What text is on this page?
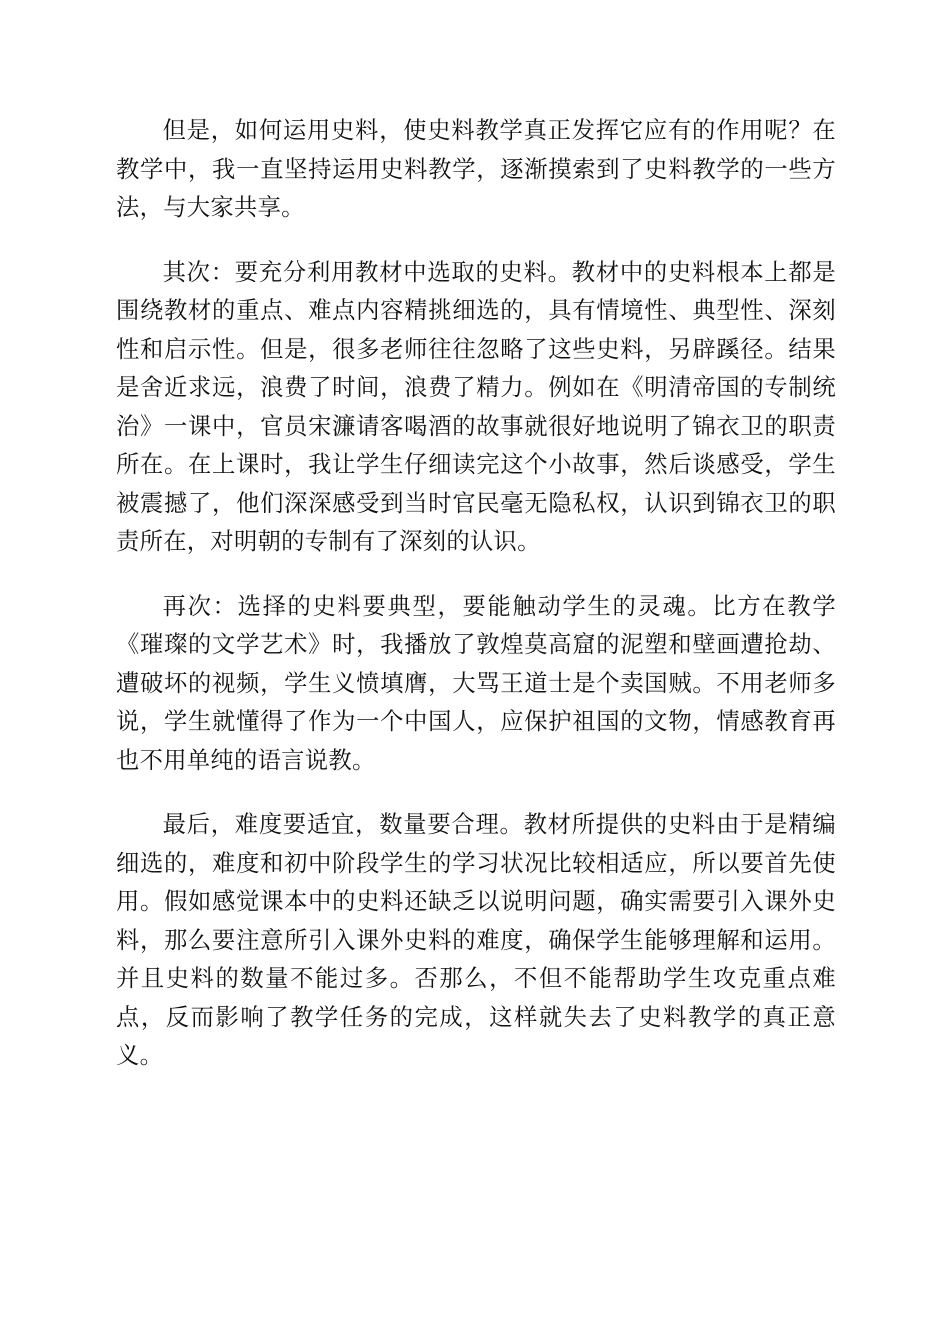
但是，如何运用史料，使史料教学真正发挥它应有的作用呢？在教学中，我一直坚持运用史料教学，逐渐摸索到了史料教学的一些方法，与大家共享。

其次：要充分利用教材中选取的史料。教材中的史料根本上都是围绕教材的重点、难点内容精挑细选的，具有情境性、典型性、深刻性和启示性。但是，很多老师往往忽略了这些史料，另辟蹊径。结果是舍近求远，浪费了时间，浪费了精力。例如在《明清帝国的专制统治》一课中，官员宋濂请客喝酒的故事就很好地说明了锦衣卫的职责所在。在上课时，我让学生仔细读完这个小故事，然后谈感受，学生被震撼了，他们深深感受到当时官民毫无隐私权，认识到锦衣卫的职责所在，对明朝的专制有了深刻的认识。

再次：选择的史料要典型，要能触动学生的灵魂。比方在教学《璀璨的文学艺术》时，我播放了敦煌莫高窟的泥塑和壁画遭抢劫、遭破坏的视频，学生义愤填膺，大骂王道士是个卖国贼。不用老师多说，学生就懂得了作为一个中国人，应保护祖国的文物，情感教育再也不用单纯的语言说教。

最后，难度要适宜，数量要合理。教材所提供的史料由于是精编细选的，难度和初中阶段学生的学习状况比较相适应，所以要首先使用。假如感觉课本中的史料还缺乏以说明问题，确实需要引入课外史料，那么要注意所引入课外史料的难度，确保学生能够理解和运用。并且史料的数量不能过多。否那么，不但不能帮助学生攻克重点难点，反而影响了教学任务的完成，这样就失去了史料教学的真正意义。
